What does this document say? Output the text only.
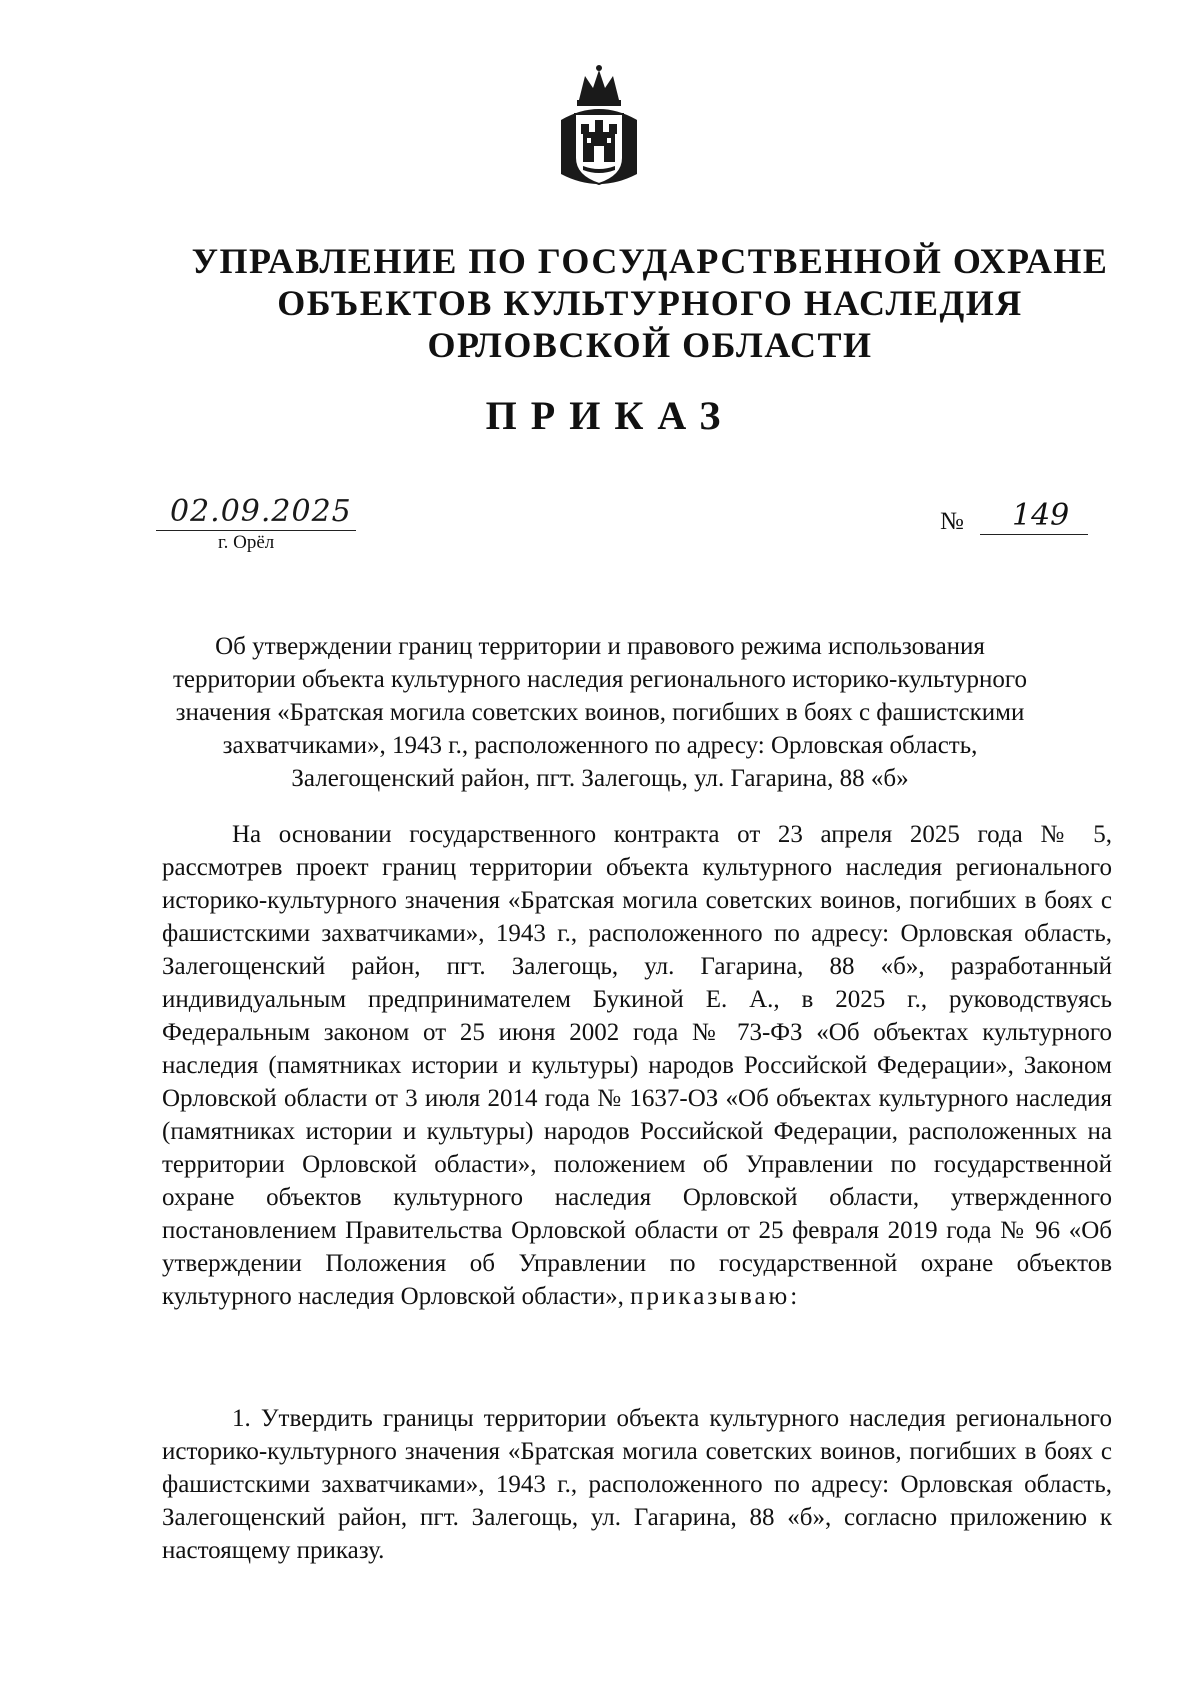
УПРАВЛЕНИЕ ПО ГОСУДАРСТВЕННОЙ ОХРАНЕ
ОБЪЕКТОВ КУЛЬТУРНОГО НАСЛЕДИЯ
ОРЛОВСКОЙ ОБЛАСТИ
ПРИКАЗ
02.09.2025
г. Орёл
№ 149
Об утверждении границ территории и правового режима использования
территории объекта культурного наследия регионального историко-культурного
значения «Братская могила советских воинов, погибших в боях с фашистскими
захватчиками», 1943 г., расположенного по адресу: Орловская область,
Залегощенский район, пгт. Залегощь, ул. Гагарина, 88 «б»

На основании государственного контракта от 23 апреля 2025 года № 5, рассмотрев проект границ территории объекта культурного наследия регионального историко-культурного значения «Братская могила советских воинов, погибших в боях с фашистскими захватчиками», 1943 г., расположенного по адресу: Орловская область, Залегощенский район, пгт. Залегощь, ул. Гагарина, 88 «б», разработанный индивидуальным предпринимателем Букиной Е. А., в 2025 г., руководствуясь Федеральным законом от 25 июня 2002 года № 73-ФЗ «Об объектах культурного наследия (памятниках истории и культуры) народов Российской Федерации», Законом Орловской области от 3 июля 2014 года № 1637-ОЗ «Об объектах культурного наследия (памятниках истории и культуры) народов Российской Федерации, расположенных на территории Орловской области», положением об Управлении по государственной охране объектов культурного наследия Орловской области, утвержденного постановлением Правительства Орловской области от 25 февраля 2019 года № 96 «Об утверждении Положения об Управлении по государственной охране объектов культурного наследия Орловской области», приказываю:

1. Утвердить границы территории объекта культурного наследия регионального историко-культурного значения «Братская могила советских воинов, погибших в боях с фашистскими захватчиками», 1943 г., расположенного по адресу: Орловская область, Залегощенский район, пгт. Залегощь, ул. Гагарина, 88 «б», согласно приложению к настоящему приказу.
